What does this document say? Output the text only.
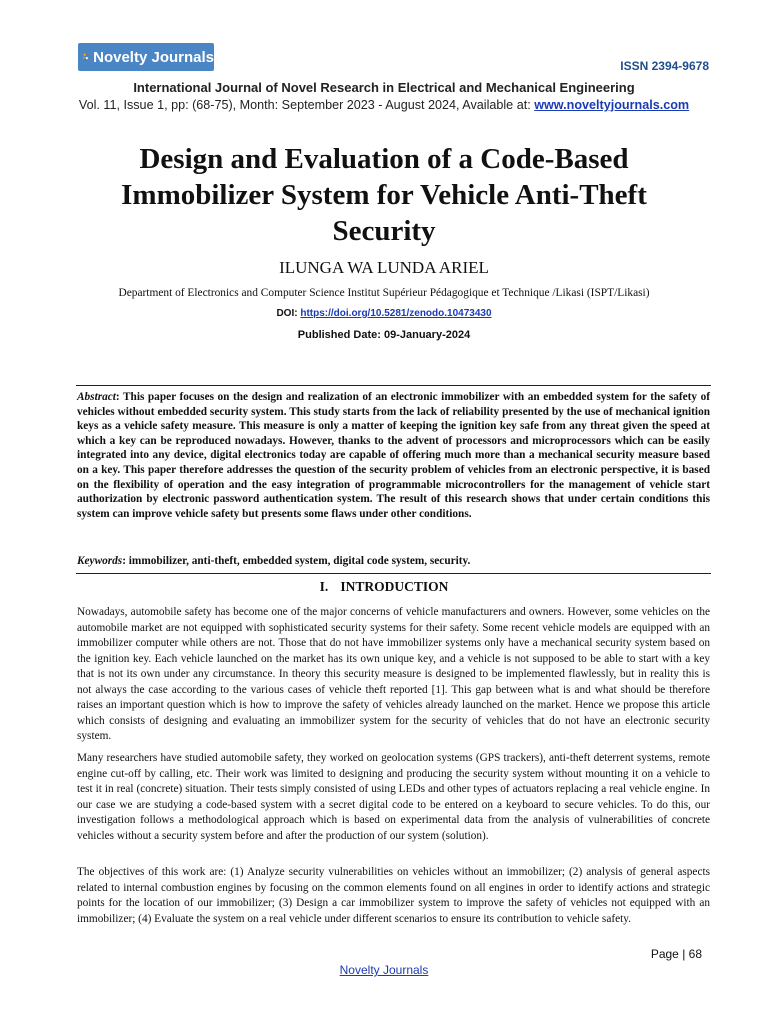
Novelty Journals
ISSN 2394-9678
International Journal of Novel Research in Electrical and Mechanical Engineering
Vol. 11, Issue 1, pp: (68-75), Month: September 2023 - August 2024, Available at: www.noveltyjournals.com
Design and Evaluation of a Code-Based Immobilizer System for Vehicle Anti-Theft Security
ILUNGA WA LUNDA ARIEL
Department of Electronics and Computer Science Institut Supérieur Pédagogique et Technique /Likasi (ISPT/Likasi)
DOI: https://doi.org/10.5281/zenodo.10473430
Published Date: 09-January-2024
Abstract: This paper focuses on the design and realization of an electronic immobilizer with an embedded system for the safety of vehicles without embedded security system. This study starts from the lack of reliability presented by the use of mechanical ignition keys as a vehicle safety measure. This measure is only a matter of keeping the ignition key safe from any threat given the speed at which a key can be reproduced nowadays. However, thanks to the advent of processors and microprocessors which can be easily integrated into any device, digital electronics today are capable of offering much more than a mechanical security measure based on a key. This paper therefore addresses the question of the security problem of vehicles from an electronic perspective, it is based on the flexibility of operation and the easy integration of programmable microcontrollers for the management of vehicle start authorization by electronic password authentication system. The result of this research shows that under certain conditions this system can improve vehicle safety but presents some flaws under other conditions.
Keywords: immobilizer, anti-theft, embedded system, digital code system, security.
I. INTRODUCTION

Nowadays, automobile safety has become one of the major concerns of vehicle manufacturers and owners. However, some vehicles on the automobile market are not equipped with sophisticated security systems for their safety. Some recent vehicle models are equipped with an immobilizer computer while others are not. Those that do not have immobilizer systems only have a mechanical security system based on the ignition key. Each vehicle launched on the market has its own unique key, and a vehicle is not supposed to be able to start with a key that is not its own under any circumstance. In theory this security measure is designed to be implemented flawlessly, but in reality this is not always the case according to the various cases of vehicle theft reported [1]. This gap between what is and what should be therefore raises an important question which is how to improve the safety of vehicles already launched on the market. Hence we propose this article which consists of designing and evaluating an immobilizer system for the security of vehicles that do not have an electronic security system.

Many researchers have studied automobile safety, they worked on geolocation systems (GPS trackers), anti-theft deterrent systems, remote engine cut-off by calling, etc. Their work was limited to designing and producing the security system without mounting it on a vehicle to test it in real (concrete) situation. Their tests simply consisted of using LEDs and other types of actuators replacing a real vehicle engine. In our case we are studying a code-based system with a secret digital code to be entered on a keyboard to secure vehicles. To do this, our investigation follows a methodological approach which is based on experimental data from the analysis of vulnerabilities of concrete vehicles without a security system before and after the production of our system (solution).

The objectives of this work are: (1) Analyze security vulnerabilities on vehicles without an immobilizer; (2) analysis of general aspects related to internal combustion engines by focusing on the common elements found on all engines in order to identify actions and strategic points for the location of our immobilizer; (3) Design a car immobilizer system to improve the safety of vehicles not equipped with an immobilizer; (4) Evaluate the system on a real vehicle under different scenarios to ensure its contribution to vehicle safety.

Page | 68
Novelty Journals
